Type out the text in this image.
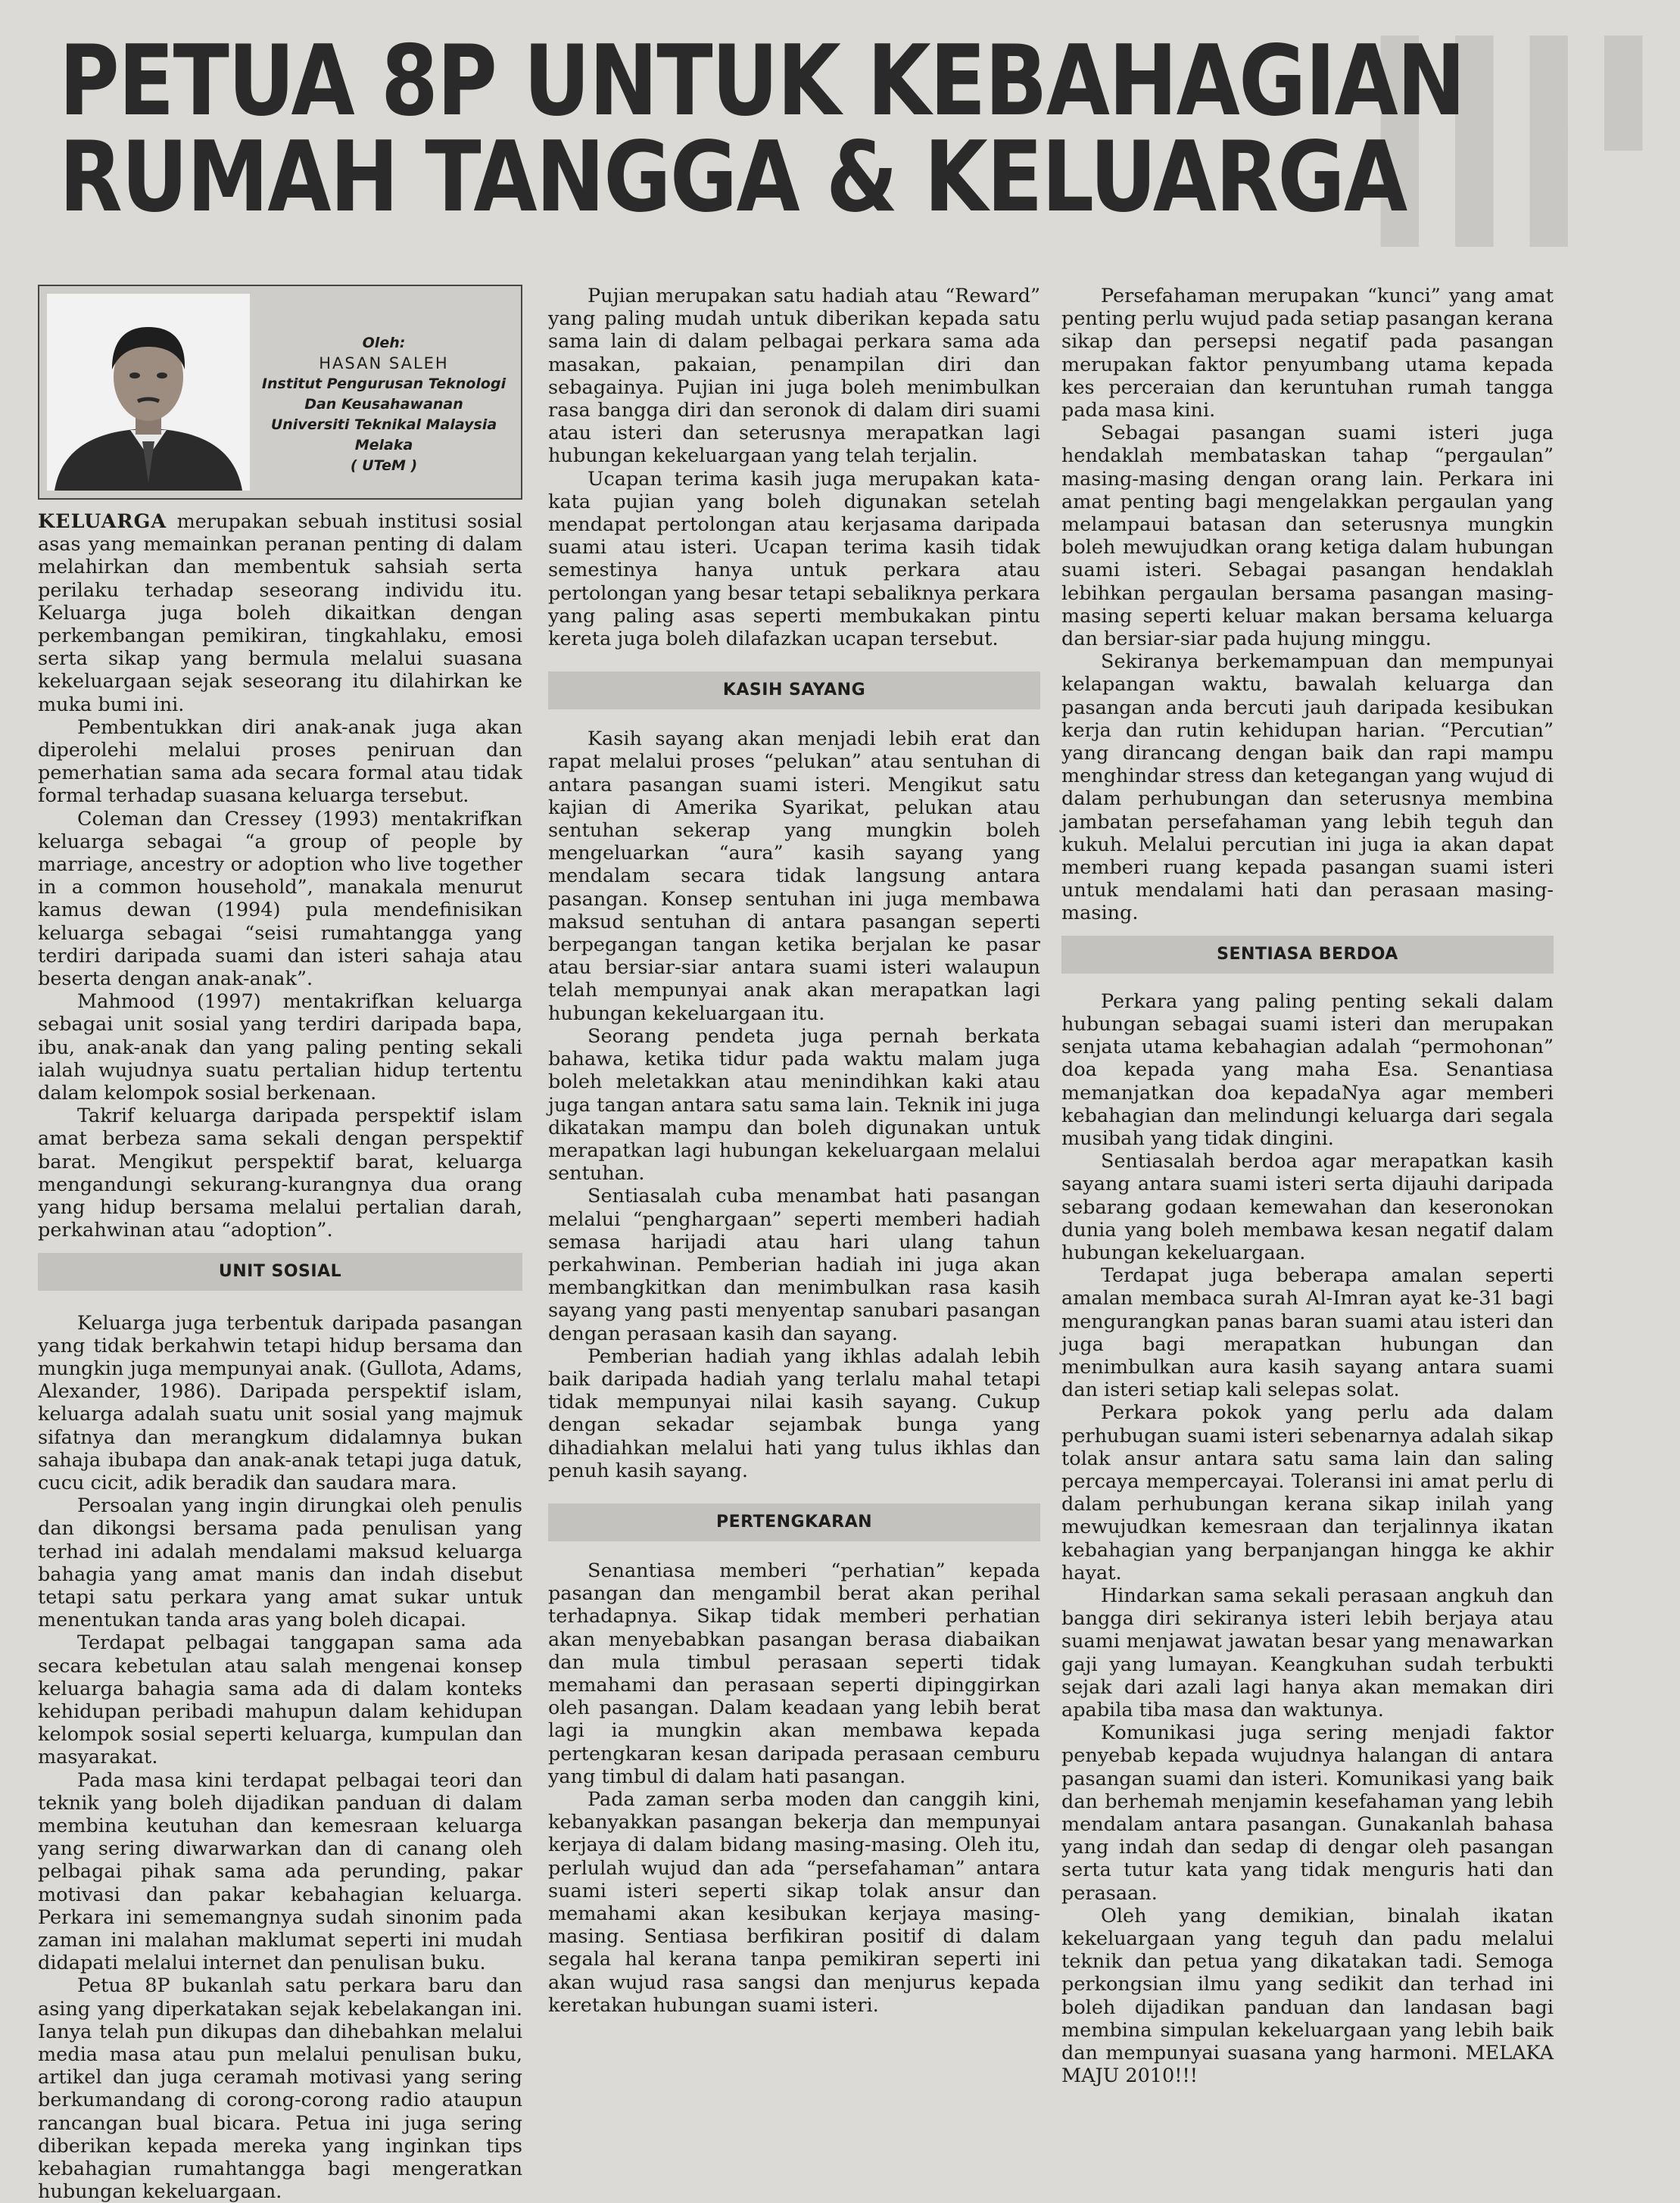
▌▌▌▌
▌▌▌
PETUA 8P UNTUK KEBAHAGIAN
RUMAH TANGGA & KELUARGA
Oleh:
HASAN SALEH
Institut Pengurusan Teknologi Dan Keusahawanan
Universiti Teknikal Malaysia Melaka
( UTeM )

KELUARGA merupakan sebuah institusi sosial asas yang memainkan peranan penting di dalam melahirkan dan membentuk sahsiah serta perilaku terhadap seseorang individu itu. Keluarga juga boleh dikaitkan dengan perkembangan pemikiran, tingkahlaku, emosi serta sikap yang bermula melalui suasana kekeluargaan sejak seseorang itu dilahirkan ke muka bumi ini.

Pembentukkan diri anak-anak juga akan diperolehi melalui proses peniruan dan pemerhatian sama ada secara formal atau tidak formal terhadap suasana keluarga tersebut.

Coleman dan Cressey (1993) mentakrifkan keluarga sebagai “a group of people by marriage, ancestry or adoption who live together in a common household”, manakala menurut kamus dewan (1994) pula mendefinisikan keluarga sebagai “seisi rumahtangga yang terdiri daripada suami dan isteri sahaja atau beserta dengan anak-anak”.

Mahmood (1997) mentakrifkan keluarga sebagai unit sosial yang terdiri daripada bapa, ibu, anak-anak dan yang paling penting sekali ialah wujudnya suatu pertalian hidup tertentu dalam kelompok sosial berkenaan.

Takrif keluarga daripada perspektif islam amat berbeza sama sekali dengan perspektif barat. Mengikut perspektif barat, keluarga mengandungi sekurang-kurangnya dua orang yang hidup bersama melalui pertalian darah, perkahwinan atau “adoption”.

UNIT SOSIAL

Keluarga juga terbentuk daripada pasangan yang tidak berkahwin tetapi hidup bersama dan mungkin juga mempunyai anak. (Gullota, Adams, Alexander, 1986). Daripada perspektif islam, keluarga adalah suatu unit sosial yang majmuk sifatnya dan merangkum didalamnya bukan sahaja ibubapa dan anak-anak tetapi juga datuk, cucu cicit, adik beradik dan saudara mara.

Persoalan yang ingin dirungkai oleh penulis dan dikongsi bersama pada penulisan yang terhad ini adalah mendalami maksud keluarga bahagia yang amat manis dan indah disebut tetapi satu perkara yang amat sukar untuk menentukan tanda aras yang boleh dicapai.

Terdapat pelbagai tanggapan sama ada secara kebetulan atau salah mengenai konsep keluarga bahagia sama ada di dalam konteks kehidupan peribadi mahupun dalam kehidupan kelompok sosial seperti keluarga, kumpulan dan masyarakat.

Pada masa kini terdapat pelbagai teori dan teknik yang boleh dijadikan panduan di dalam membina keutuhan dan kemesraan keluarga yang sering diwarwarkan dan di canang oleh pelbagai pihak sama ada perunding, pakar motivasi dan pakar kebahagian keluarga. Perkara ini sememangnya sudah sinonim pada zaman ini malahan maklumat seperti ini mudah didapati melalui internet dan penulisan buku.

Petua 8P bukanlah satu perkara baru dan asing yang diperkatakan sejak kebelakangan ini. Ianya telah pun dikupas dan dihebahkan melalui media masa atau pun melalui penulisan buku, artikel dan juga ceramah motivasi yang sering berkumandang di corong-corong radio ataupun rancangan bual bicara. Petua ini juga sering diberikan kepada mereka yang inginkan tips kebahagian rumahtangga bagi mengeratkan hubungan kekeluargaan.

Pujian merupakan satu hadiah atau “Reward” yang paling mudah untuk diberikan kepada satu sama lain di dalam pelbagai perkara sama ada masakan, pakaian, penampilan diri dan sebagainya. Pujian ini juga boleh menimbulkan rasa bangga diri dan seronok di dalam diri suami atau isteri dan seterusnya merapatkan lagi hubungan kekeluargaan yang telah terjalin.

Ucapan terima kasih juga merupakan kata-kata pujian yang boleh digunakan setelah mendapat pertolongan atau kerjasama daripada suami atau isteri. Ucapan terima kasih tidak semestinya hanya untuk perkara atau pertolongan yang besar tetapi sebaliknya perkara yang paling asas seperti membukakan pintu kereta juga boleh dilafazkan ucapan tersebut.

KASIH SAYANG

Kasih sayang akan menjadi lebih erat dan rapat melalui proses “pelukan” atau sentuhan di antara pasangan suami isteri. Mengikut satu kajian di Amerika Syarikat, pelukan atau sentuhan sekerap yang mungkin boleh mengeluarkan “aura” kasih sayang yang mendalam secara tidak langsung antara pasangan. Konsep sentuhan ini juga membawa maksud sentuhan di antara pasangan seperti berpegangan tangan ketika berjalan ke pasar atau bersiar-siar antara suami isteri walaupun telah mempunyai anak akan merapatkan lagi hubungan kekeluargaan itu.

Seorang pendeta juga pernah berkata bahawa, ketika tidur pada waktu malam juga boleh meletakkan atau menindihkan kaki atau juga tangan antara satu sama lain. Teknik ini juga dikatakan mampu dan boleh digunakan untuk merapatkan lagi hubungan kekeluargaan melalui sentuhan.

Sentiasalah cuba menambat hati pasangan melalui “penghargaan” seperti memberi hadiah semasa harijadi atau hari ulang tahun perkahwinan. Pemberian hadiah ini juga akan membangkitkan dan menimbulkan rasa kasih sayang yang pasti menyentap sanubari pasangan dengan perasaan kasih dan sayang.

Pemberian hadiah yang ikhlas adalah lebih baik daripada hadiah yang terlalu mahal tetapi tidak mempunyai nilai kasih sayang. Cukup dengan sekadar sejambak bunga yang dihadiahkan melalui hati yang tulus ikhlas dan penuh kasih sayang.

PERTENGKARAN

Senantiasa memberi “perhatian” kepada pasangan dan mengambil berat akan perihal terhadapnya. Sikap tidak memberi perhatian akan menyebabkan pasangan berasa diabaikan dan mula timbul perasaan seperti tidak memahami dan perasaan seperti dipinggirkan oleh pasangan. Dalam keadaan yang lebih berat lagi ia mungkin akan membawa kepada pertengkaran kesan daripada perasaan cemburu yang timbul di dalam hati pasangan.

Pada zaman serba moden dan canggih kini, kebanyakkan pasangan bekerja dan mempunyai kerjaya di dalam bidang masing-masing. Oleh itu, perlulah wujud dan ada “persefahaman” antara suami isteri seperti sikap tolak ansur dan memahami akan kesibukan kerjaya masing-masing. Sentiasa berfikiran positif di dalam segala hal kerana tanpa pemikiran seperti ini akan wujud rasa sangsi dan menjurus kepada keretakan hubungan suami isteri.

Persefahaman merupakan “kunci” yang amat penting perlu wujud pada setiap pasangan kerana sikap dan persepsi negatif pada pasangan merupakan faktor penyumbang utama kepada kes perceraian dan keruntuhan rumah tangga pada masa kini.

Sebagai pasangan suami isteri juga hendaklah membataskan tahap “pergaulan” masing-masing dengan orang lain. Perkara ini amat penting bagi mengelakkan pergaulan yang melampaui batasan dan seterusnya mungkin boleh mewujudkan orang ketiga dalam hubungan suami isteri. Sebagai pasangan hendaklah lebihkan pergaulan bersama pasangan masing-masing seperti keluar makan bersama keluarga dan bersiar-siar pada hujung minggu.

Sekiranya berkemampuan dan mempunyai kelapangan waktu, bawalah keluarga dan pasangan anda bercuti jauh daripada kesibukan kerja dan rutin kehidupan harian. “Percutian” yang dirancang dengan baik dan rapi mampu menghindar stress dan ketegangan yang wujud di dalam perhubungan dan seterusnya membina jambatan persefahaman yang lebih teguh dan kukuh. Melalui percutian ini juga ia akan dapat memberi ruang kepada pasangan suami isteri untuk mendalami hati dan perasaan masing-masing.

SENTIASA BERDOA

Perkara yang paling penting sekali dalam hubungan sebagai suami isteri dan merupakan senjata utama kebahagian adalah “permohonan” doa kepada yang maha Esa. Senantiasa memanjatkan doa kepadaNya agar memberi kebahagian dan melindungi keluarga dari segala musibah yang tidak dingini.

Sentiasalah berdoa agar merapatkan kasih sayang antara suami isteri serta dijauhi daripada sebarang godaan kemewahan dan keseronokan dunia yang boleh membawa kesan negatif dalam hubungan kekeluargaan.

Terdapat juga beberapa amalan seperti amalan membaca surah Al-Imran ayat ke-31 bagi mengurangkan panas baran suami atau isteri dan juga bagi merapatkan hubungan dan menimbulkan aura kasih sayang antara suami dan isteri setiap kali selepas solat.

Perkara pokok yang perlu ada dalam perhubugan suami isteri sebenarnya adalah sikap tolak ansur antara satu sama lain dan saling percaya mempercayai. Toleransi ini amat perlu di dalam perhubungan kerana sikap inilah yang mewujudkan kemesraan dan terjalinnya ikatan kebahagian yang berpanjangan hingga ke akhir hayat.

Hindarkan sama sekali perasaan angkuh dan bangga diri sekiranya isteri lebih berjaya atau suami menjawat jawatan besar yang menawarkan gaji yang lumayan. Keangkuhan sudah terbukti sejak dari azali lagi hanya akan memakan diri apabila tiba masa dan waktunya.

Komunikasi juga sering menjadi faktor penyebab kepada wujudnya halangan di antara pasangan suami dan isteri. Komunikasi yang baik dan berhemah menjamin kesefahaman yang lebih mendalam antara pasangan. Gunakanlah bahasa yang indah dan sedap di dengar oleh pasangan serta tutur kata yang tidak menguris hati dan perasaan.

Oleh yang demikian, binalah ikatan kekeluargaan yang teguh dan padu melalui teknik dan petua yang dikatakan tadi. Semoga perkongsian ilmu yang sedikit dan terhad ini boleh dijadikan panduan dan landasan bagi membina simpulan kekeluargaan yang lebih baik dan mempunyai suasana yang harmoni. MELAKA MAJU 2010!!!
